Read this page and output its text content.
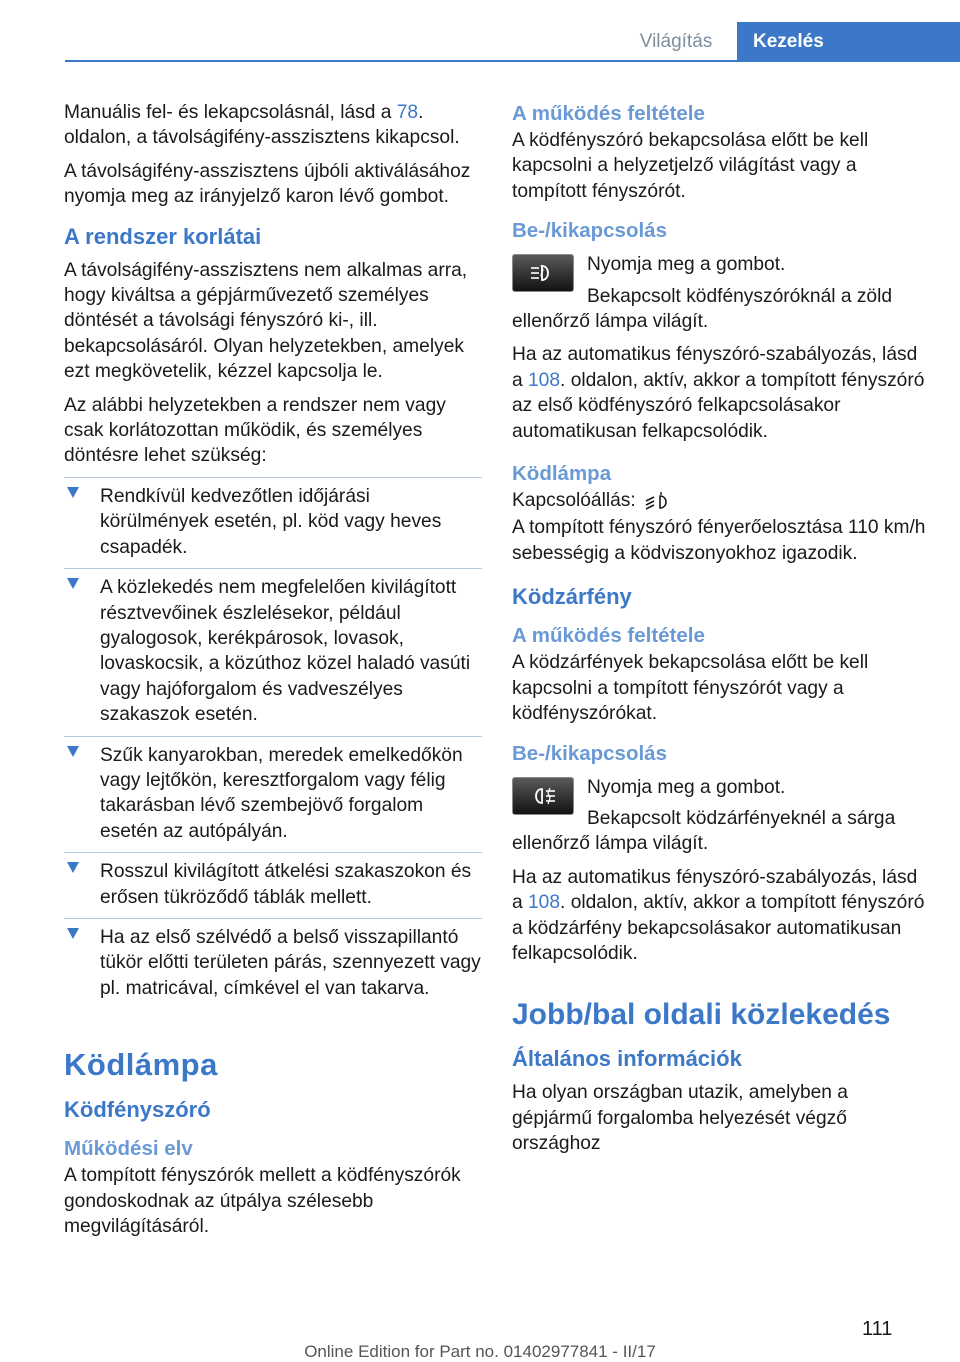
Világítás	Kezelés

Manuális fel- és lekapcsolásnál, lásd a 78. oldalon, a távolságifény-asszisztens kikapcsol.

A távolságifény-asszisztens újbóli aktiválásához nyomja meg az irányjelző karon lévő gombot.

A rendszer korlátai

A távolságifény-asszisztens nem alkalmas arra, hogy kiváltsa a gépjárművezető személyes döntését a távolsági fényszóró ki-, ill. bekapcsolásáról. Olyan helyzetekben, amelyek ezt megkövetelik, kézzel kapcsolja le.

Az alábbi helyzetekben a rendszer nem vagy csak korlátozottan működik, és személyes döntésre lehet szükség:

Rendkívül kedvezőtlen időjárási körülmények esetén, pl. köd vagy heves csapadék.
A közlekedés nem megfelelően kivilágított résztvevőinek észlelésekor, például gyalogosok, kerékpárosok, lovasok, lovaskocsik, a közúthoz közel haladó vasúti vagy hajóforgalom és vadveszélyes szakaszok esetén.
Szűk kanyarokban, meredek emelkedőkön vagy lejtőkön, keresztforgalom vagy félig takarásban lévő szembejövő forgalom esetén az autópályán.
Rosszul kivilágított átkelési szakaszokon és erősen tükröződő táblák mellett.
Ha az első szélvédő a belső visszapillantó tükör előtti területen párás, szennyezett vagy pl. matricával, címkével el van takarva.
Ködlámpa
Ködfényszóró
Működési elv

A tompított fényszórók mellett a ködfényszórók gondoskodnak az útpálya szélesebb megvilágításáról.

A működés feltétele

A ködfényszóró bekapcsolása előtt be kell kapcsolni a helyzetjelző világítást vagy a tompított fényszórót.

Be-/kikapcsolás

Nyomja meg a gombot.

Bekapcsolt ködfényszóróknál a zöld ellenőrző lámpa világít.

Ha az automatikus fényszóró-szabályozás, lásd a 108. oldalon, aktív, akkor a tompított fényszóró az első ködfényszóró felkapcsolásakor automatikusan felkapcsolódik.

Ködlámpa

Kapcsolóállás:

A tompított fényszóró fényerőelosztása 110 km/h sebességig a ködviszonyokhoz igazodik.

Ködzárfény
A működés feltétele

A ködzárfények bekapcsolása előtt be kell kapcsolni a tompított fényszórót vagy a ködfényszórókat.

Be-/kikapcsolás

Nyomja meg a gombot.

Bekapcsolt ködzárfényeknél a sárga ellenőrző lámpa világít.

Ha az automatikus fényszóró-szabályozás, lásd a 108. oldalon, aktív, akkor a tompított fényszóró a ködzárfény bekapcsolásakor automatikusan felkapcsolódik.

Jobb/bal oldali közlekedés
Általános információk

Ha olyan országban utazik, amelyben a gépjármű forgalomba helyezését végző országhoz

111
Online Edition for Part no. 01402977841 - II/17
